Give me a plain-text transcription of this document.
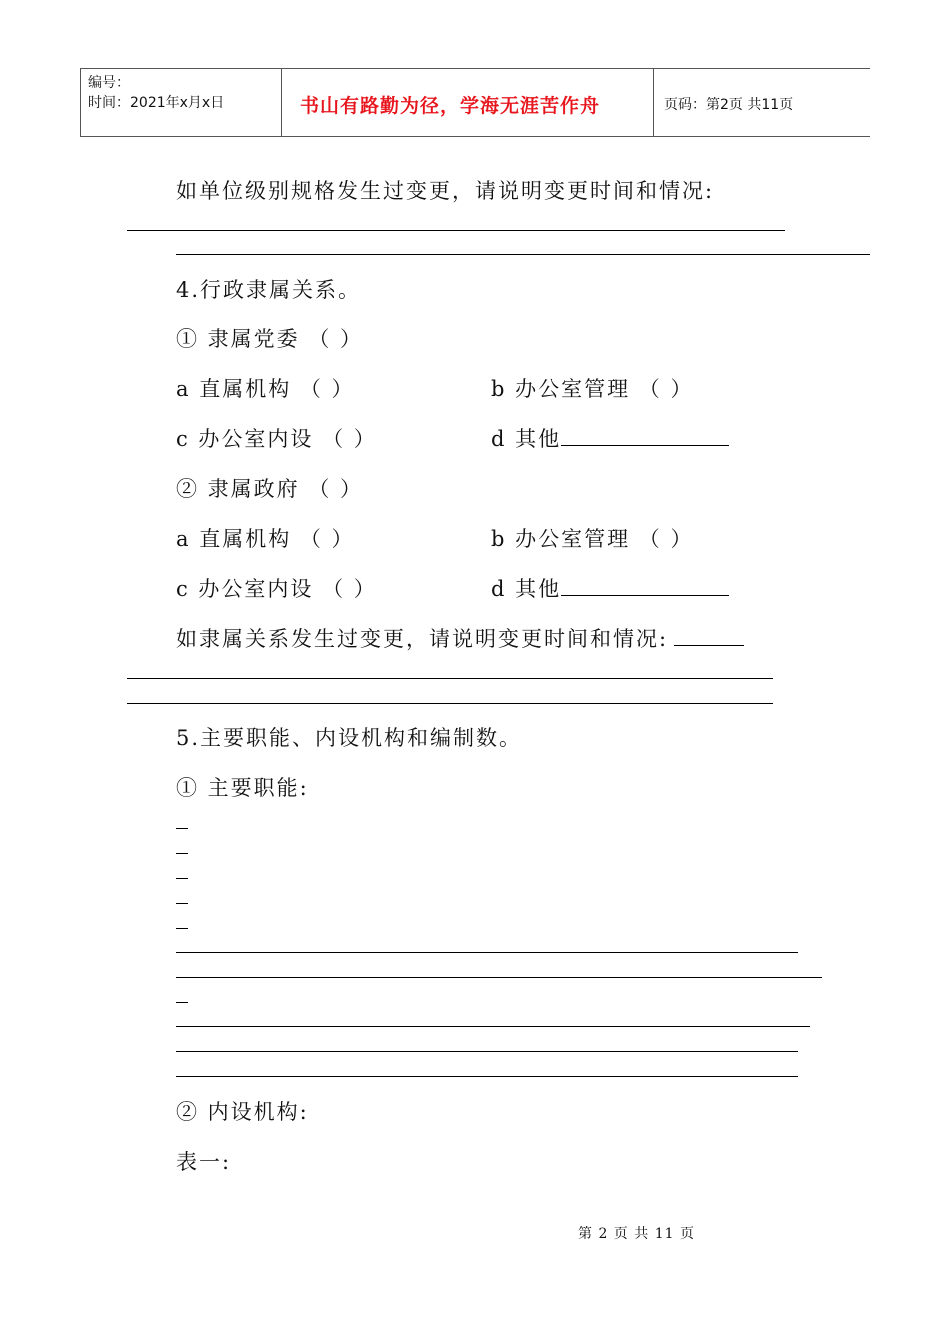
编号：
时间：2021年x月x日	书山有路勤为径，学海无涯苦作舟	页码：第2页 共11页
如单位级别规格发生过变更，请说明变更时间和情况:
4.行政隶属关系。
① 隶属党委 （ ）
a 直属机构 （ ）	b 办公室管理 （ ）
c 办公室内设 （ ）	d 其他
② 隶属政府 （ ）
a 直属机构 （ ）	b 办公室管理 （ ）
c 办公室内设 （ ）	d 其他
如隶属关系发生过变更，请说明变更时间和情况:
5.主要职能、内设机构和编制数。
① 主要职能:
② 内设机构:
表一:
第 2 页 共 11 页
